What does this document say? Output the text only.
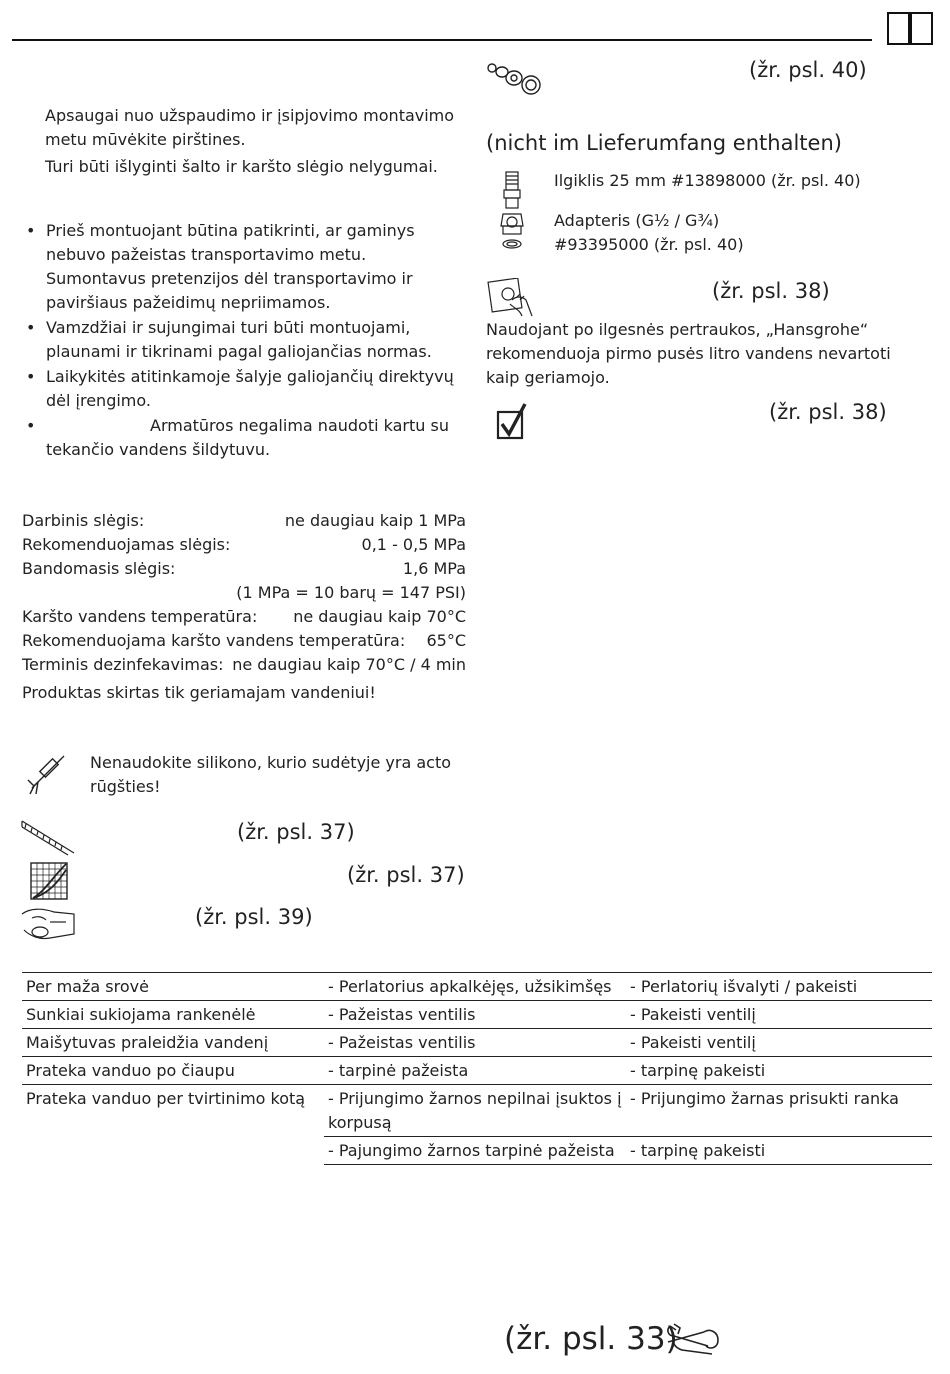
Apsaugai nuo užspaudimo ir įsipjovimo montavimo metu mūvėkite pirštines.
Turi būti išlyginti šalto ir karšto slėgio nelygumai.
• Prieš montuojant būtina patikrinti, ar gaminys nebuvo pažeistas transportavimo metu. Sumontavus pretenzijos dėl transportavimo ir paviršiaus pažeidimų nepriimamos.
• Vamzdžiai ir sujungimai turi būti montuojami, plaunami ir tikrinami pagal galiojančias normas.
• Laikykitės atitinkamoje šalyje galiojančių direktyvų dėl įrengimo.
• Armatūros negalima naudoti kartu su tekančio vandens šildytuvu.
Darbinis slėgis:	ne daugiau kaip 1 MPa
Rekomenduojamas slėgis:	0,1 - 0,5 MPa
Bandomasis slėgis:	1,6 MPa
(1 MPa = 10 barų = 147 PSI)
Karšto vandens temperatūra: ne daugiau kaip 70°C
Rekomenduojama karšto vandens temperatūra: 65°C
Terminis dezinfekavimas: ne daugiau kaip 70°C / 4 min
Produktas skirtas tik geriamajam vandeniui!
Nenaudokite silikono, kurio sudėtyje yra acto rūgšties!
(žr. psl. 37)
(žr. psl. 37)
(žr. psl. 39)
(žr. psl. 40)
(nicht im Lieferumfang enthalten)
Ilgiklis 25 mm #13898000 (žr. psl. 40)
Adapteris (G½ / G¾)
#93395000 (žr. psl. 40)
(žr. psl. 38)
Naudojant po ilgesnės pertraukos, „Hansgrohe“ rekomenduoja pirmo pusės litro vandens nevartoti kaip geriamojo.
(žr. psl. 38)
Per maža srovė	- Perlatorius apkalkėjęs, užsikimšęs	- Perlatorių išvalyti / pakeisti
Sunkiai sukiojama rankenėlė	- Pažeistas ventilis	- Pakeisti ventilį
Maišytuvas praleidžia vandenį	- Pažeistas ventilis	- Pakeisti ventilį
Prateka vanduo po čiaupu	- tarpinė pažeista	- tarpinę pakeisti
Prateka vanduo per tvirtinimo kotą	- Prijungimo žarnos nepilnai įsuktos į korpusą	- Prijungimo žarnas prisukti ranka
	- Pajungimo žarnos tarpinė pažeista	- tarpinę pakeisti
(žr. psl. 33)
